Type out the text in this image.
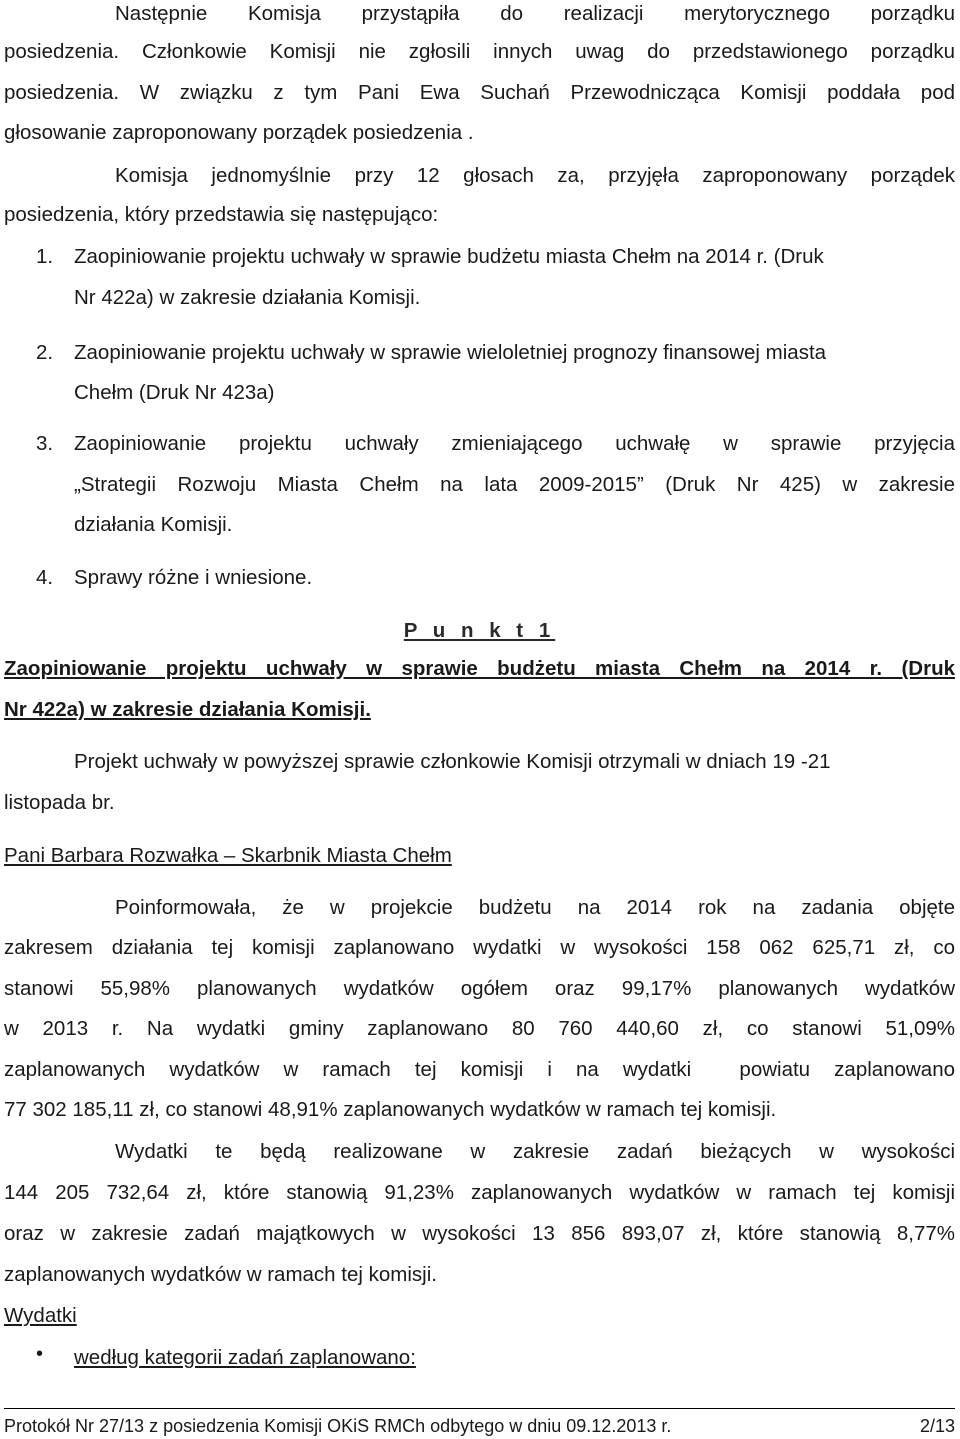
Następnie Komisja przystąpiła do realizacji merytorycznego porządku
posiedzenia. Członkowie Komisji nie zgłosili innych uwag do przedstawionego porządku
posiedzenia. W związku z tym Pani Ewa Suchań Przewodnicząca Komisji poddała pod
głosowanie zaproponowany porządek posiedzenia .
Komisja jednomyślnie przy 12 głosach za, przyjęła zaproponowany porządek
posiedzenia, który przedstawia się następująco:
1.	Zaopiniowanie projektu uchwały w sprawie budżetu miasta Chełm na 2014 r. (Druk
Nr 422a) w zakresie działania Komisji.
2.	Zaopiniowanie projektu uchwały w sprawie wieloletniej prognozy finansowej miasta
Chełm (Druk Nr 423a)
3.	Zaopiniowanie projektu uchwały zmieniającego uchwałę w sprawie przyjęcia
„Strategii Rozwoju Miasta Chełm na lata 2009-2015” (Druk Nr 425) w zakresie
działania Komisji.
4.	Sprawy różne i wniesione.
P u n k t 1
Zaopiniowanie projektu uchwały w sprawie budżetu miasta Chełm na 2014 r. (Druk
Nr 422a) w zakresie działania Komisji.
Projekt uchwały w powyższej sprawie członkowie Komisji otrzymali w dniach 19 -21
listopada br.
Pani Barbara Rozwałka – Skarbnik Miasta Chełm
Poinformowała, że w projekcie budżetu na 2014 rok na zadania objęte
zakresem działania tej komisji zaplanowano wydatki w wysokości 158 062 625,71 zł, co
stanowi 55,98% planowanych wydatków ogółem oraz 99,17% planowanych wydatków
w 2013 r. Na wydatki gminy zaplanowano 80 760 440,60 zł, co stanowi 51,09%
zaplanowanych wydatków w ramach tej komisji i na wydatki  powiatu zaplanowano
77 302 185,11 zł, co stanowi 48,91% zaplanowanych wydatków w ramach tej komisji.
Wydatki te będą realizowane w zakresie zadań bieżących w wysokości
144 205 732,64 zł, które stanowią 91,23% zaplanowanych wydatków w ramach tej komisji
oraz w zakresie zadań majątkowych w wysokości 13 856 893,07 zł, które stanowią 8,77%
zaplanowanych wydatków w ramach tej komisji.
Wydatki
• według kategorii zadań zaplanowano:
Protokół Nr 27/13 z posiedzenia Komisji OKiS RMCh odbytego w dniu 09.12.2013 r.	2/13
